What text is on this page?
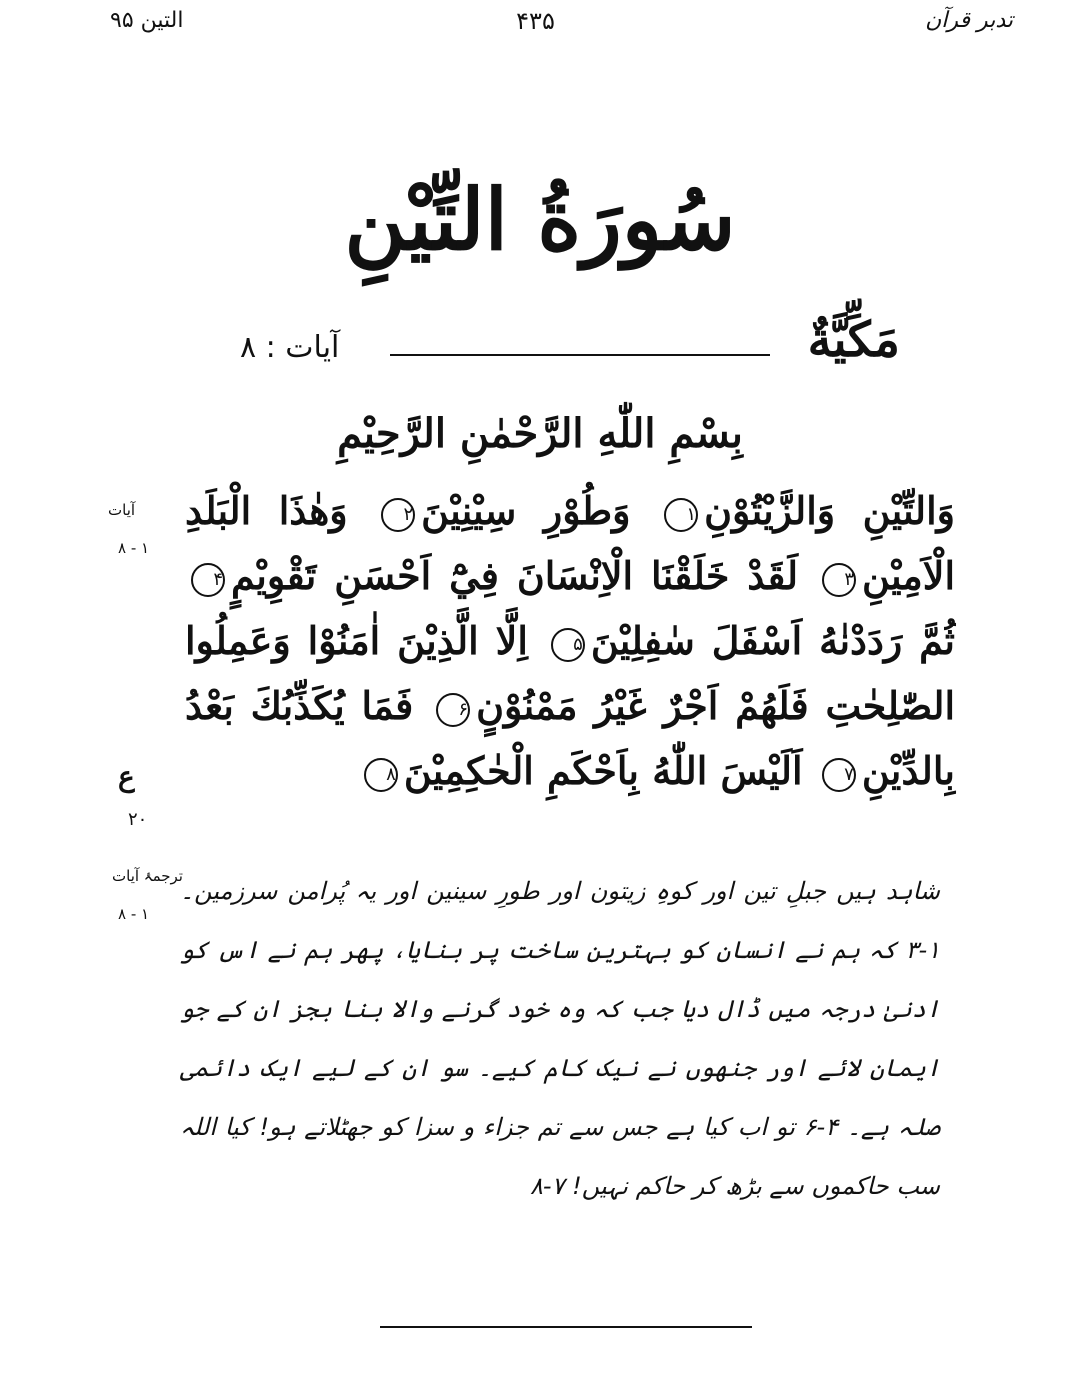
تدبر قرآن
۴۳۵
التین ۹۵
سُورَةُ التِّيْنِ
مَكِّيَّةٌ
آیات : ۸
بِسْمِ اللّٰهِ الرَّحْمٰنِ الرَّحِيْمِ
وَالتِّيْنِ وَالزَّيْتُوْنِ۱ وَطُوْرِ سِيْنِيْنَ۲ وَهٰذَا الْبَلَدِ الْاَمِيْنِ۳ لَقَدْ خَلَقْنَا الْاِنْسَانَ فِيْٓ اَحْسَنِ تَقْوِيْمٍ۴ ثُمَّ رَدَدْنٰهُ اَسْفَلَ سٰفِلِيْنَ۵ اِلَّا الَّذِيْنَ اٰمَنُوْا وَعَمِلُوا الصّٰلِحٰتِ فَلَهُمْ اَجْرٌ غَيْرُ مَمْنُوْنٍ۶ فَمَا يُكَذِّبُكَ بَعْدُ بِالدِّيْنِ۷ اَلَيْسَ اللّٰهُ بِاَحْكَمِ الْحٰكِمِيْنَ۸
آیات
۱ - ۸
ع
۲۰
ترجمۂ آیات
۱ - ۸
شاہد ہیں جبلِ تین اور کوہِ زیتون اور طورِ سینین اور یہ پُرامن سرزمین۔ ۱-۳ کہ ہم نے انسان کو بہترین ساخت پر بنایا، پھر ہم نے اس کو ادنیٰ درجہ میں ڈال دیا جب کہ وہ خود گرنے والا بنا بجز ان کے جو ایمان لائے اور جنھوں نے نیک کام کیے۔ سو ان کے لیے ایک دائمی صلہ ہے۔ ۴-۶ تو اب کیا ہے جس سے تم جزاء و سزا کو جھٹلاتے ہو! کیا اللہ سب حاکموں سے بڑھ کر حاکم نہیں! ۷-۸
